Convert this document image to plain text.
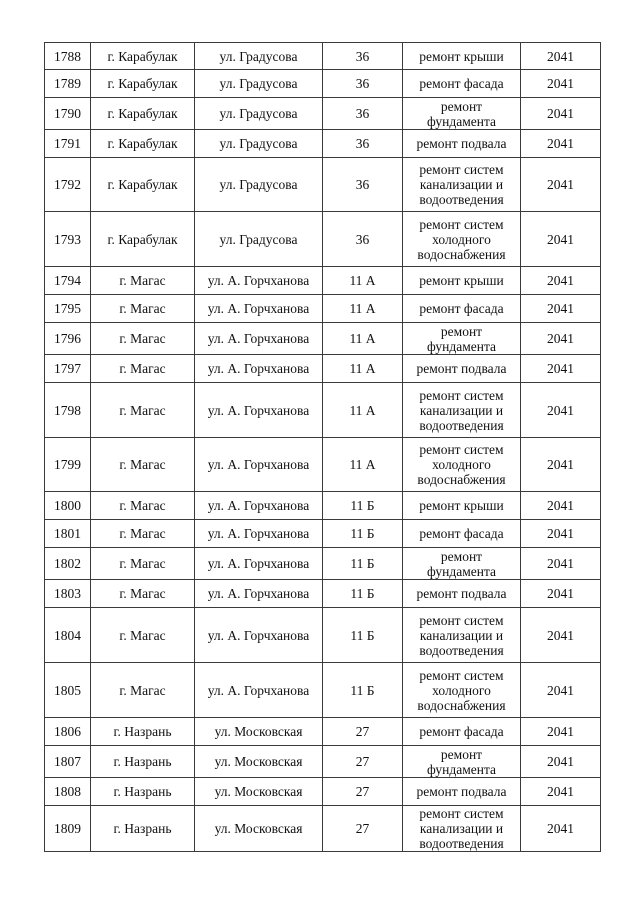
1788	г. Карабулак	ул. Градусова	36	ремонт крыши	2041
1789	г. Карабулак	ул. Градусова	36	ремонт фасада	2041
1790	г. Карабулак	ул. Градусова	36	ремонт фундамента	2041
1791	г. Карабулак	ул. Градусова	36	ремонт подвала	2041
1792	г. Карабулак	ул. Градусова	36	ремонт систем канализации и водоотведения	2041
1793	г. Карабулак	ул. Градусова	36	ремонт систем холодного водоснабжения	2041
1794	г. Магас	ул. А. Горчханова	11 А	ремонт крыши	2041
1795	г. Магас	ул. А. Горчханова	11 А	ремонт фасада	2041
1796	г. Магас	ул. А. Горчханова	11 А	ремонт фундамента	2041
1797	г. Магас	ул. А. Горчханова	11 А	ремонт подвала	2041
1798	г. Магас	ул. А. Горчханова	11 А	ремонт систем канализации и водоотведения	2041
1799	г. Магас	ул. А. Горчханова	11 А	ремонт систем холодного водоснабжения	2041
1800	г. Магас	ул. А. Горчханова	11 Б	ремонт крыши	2041
1801	г. Магас	ул. А. Горчханова	11 Б	ремонт фасада	2041
1802	г. Магас	ул. А. Горчханова	11 Б	ремонт фундамента	2041
1803	г. Магас	ул. А. Горчханова	11 Б	ремонт подвала	2041
1804	г. Магас	ул. А. Горчханова	11 Б	ремонт систем канализации и водоотведения	2041
1805	г. Магас	ул. А. Горчханова	11 Б	ремонт систем холодного водоснабжения	2041
1806	г. Назрань	ул. Московская	27	ремонт фасада	2041
1807	г. Назрань	ул. Московская	27	ремонт фундамента	2041
1808	г. Назрань	ул. Московская	27	ремонт подвала	2041
1809	г. Назрань	ул. Московская	27	ремонт систем канализации и водоотведения	2041
